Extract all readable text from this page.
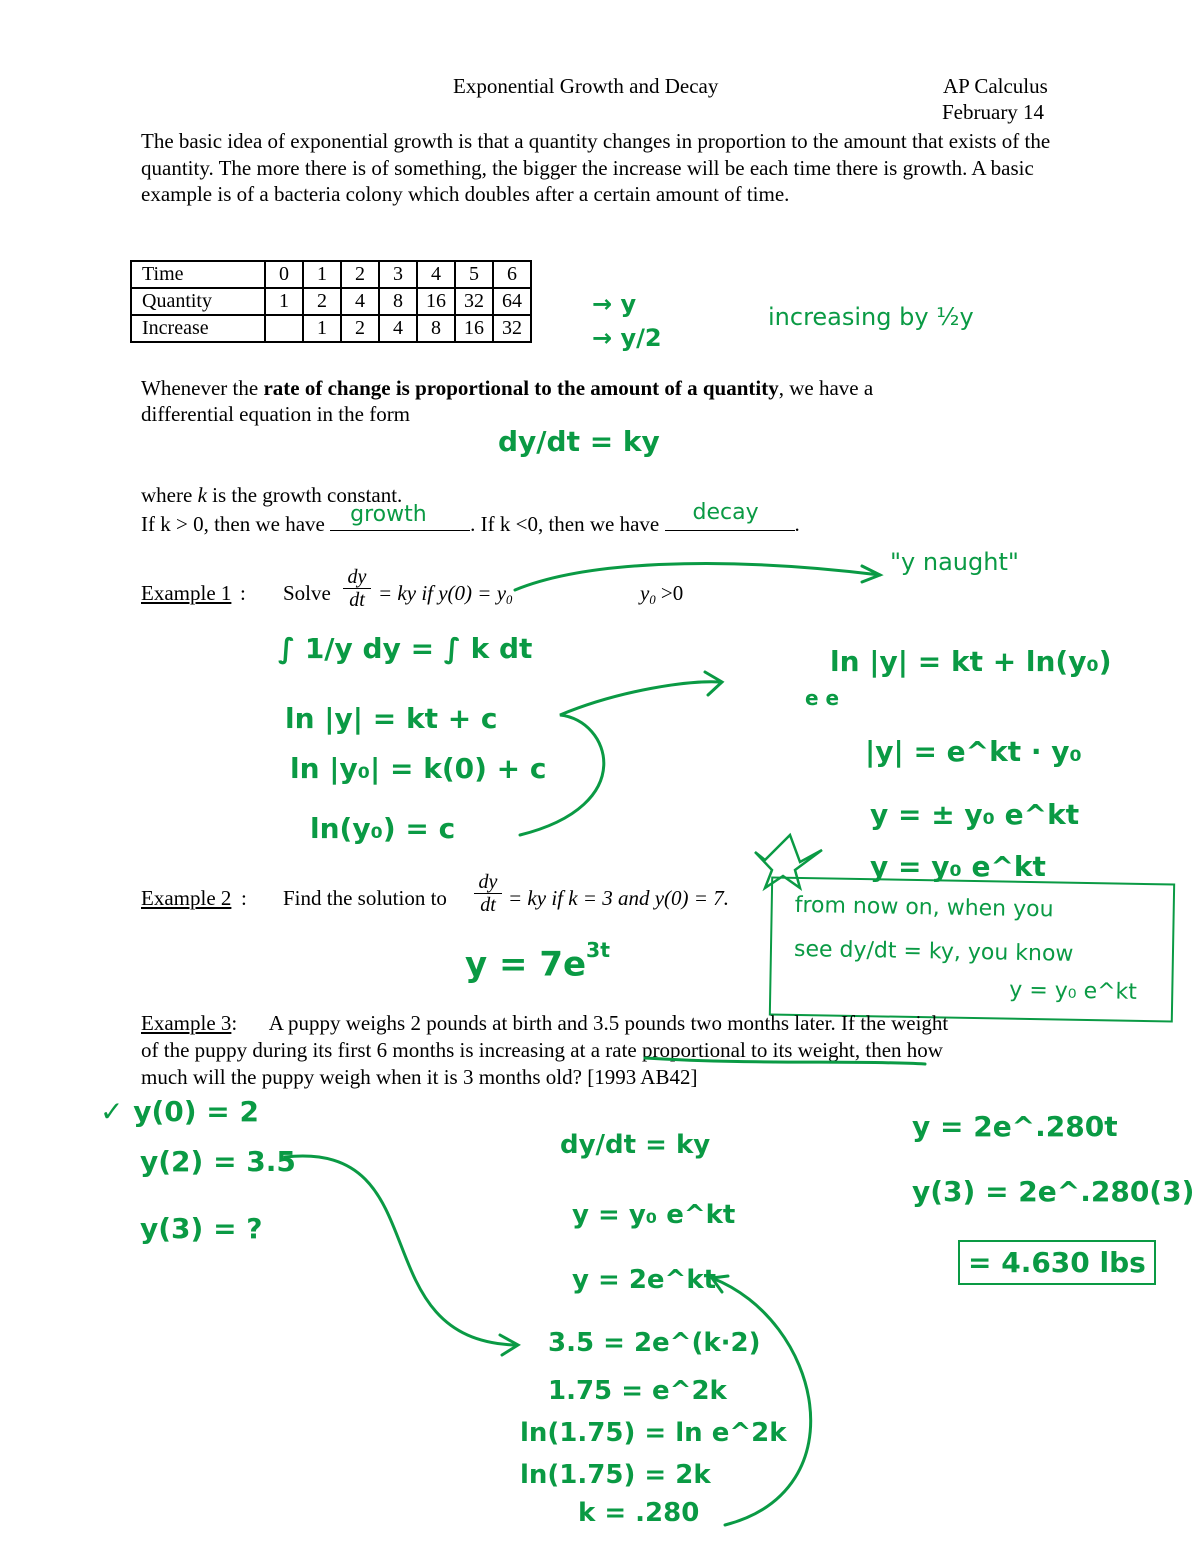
Exponential Growth and Decay	AP Calculus
February 14

The basic idea of exponential growth is that a quantity changes in proportion to the amount that exists of the quantity. The more there is of something, the bigger the increase will be each time there is growth. A basic example is of a bacteria colony which doubles after a certain amount of time.

Time	0	1	2	3	4	5	6
Quantity	1	2	4	8	16	32	64
Increase		1	2	4	8	16	32
→ y
→ y/2
increasing by ½y
Whenever the rate of change is proportional to the amount of a quantity, we have a
differential equation in the form
dy/dt = ky
where k is the growth constant.
If k > 0, then we have growth . If k <0, then we have decay .
Example 1 : Solve $\frac{dy}{dt}$ = ky if $y(0) = y_0$	$y_0 >0$
"y naught"
∫ 1/y dy = ∫ k dt
ln |y| = kt + c
ln |y₀| = k(0) + c
ln(y₀) = c
ln |y| = kt + ln(y₀)
e e
|y| = e^kt · y₀
y = ± y₀ e^kt
y = y₀ e^kt
Example 2 : Find the solution to $\frac{dy}{dt}$ = ky if k = 3 and y(0) = 7.
$y = 7e^{3t}$
from now on, when you
see dy/dt = ky, you know
y = y₀ e^kt
Example 3:      A puppy weighs 2 pounds at birth and 3.5 pounds two months later. If the weight
of the puppy during its first 6 months is increasing at a rate proportional to its weight, then how
much will the puppy weigh when it is 3 months old? [1993 AB42]
✓ y(0) = 2
y(2) = 3.5
y(3) = ?
dy/dt = ky
y = y₀ e^kt
y = 2e^kt
3.5 = 2e^(k·2)
1.75 = e^2k
ln(1.75) = ln e^2k
ln(1.75) = 2k
k = .280
y = 2e^.280t
y(3) = 2e^.280(3)
= 4.630 lbs
